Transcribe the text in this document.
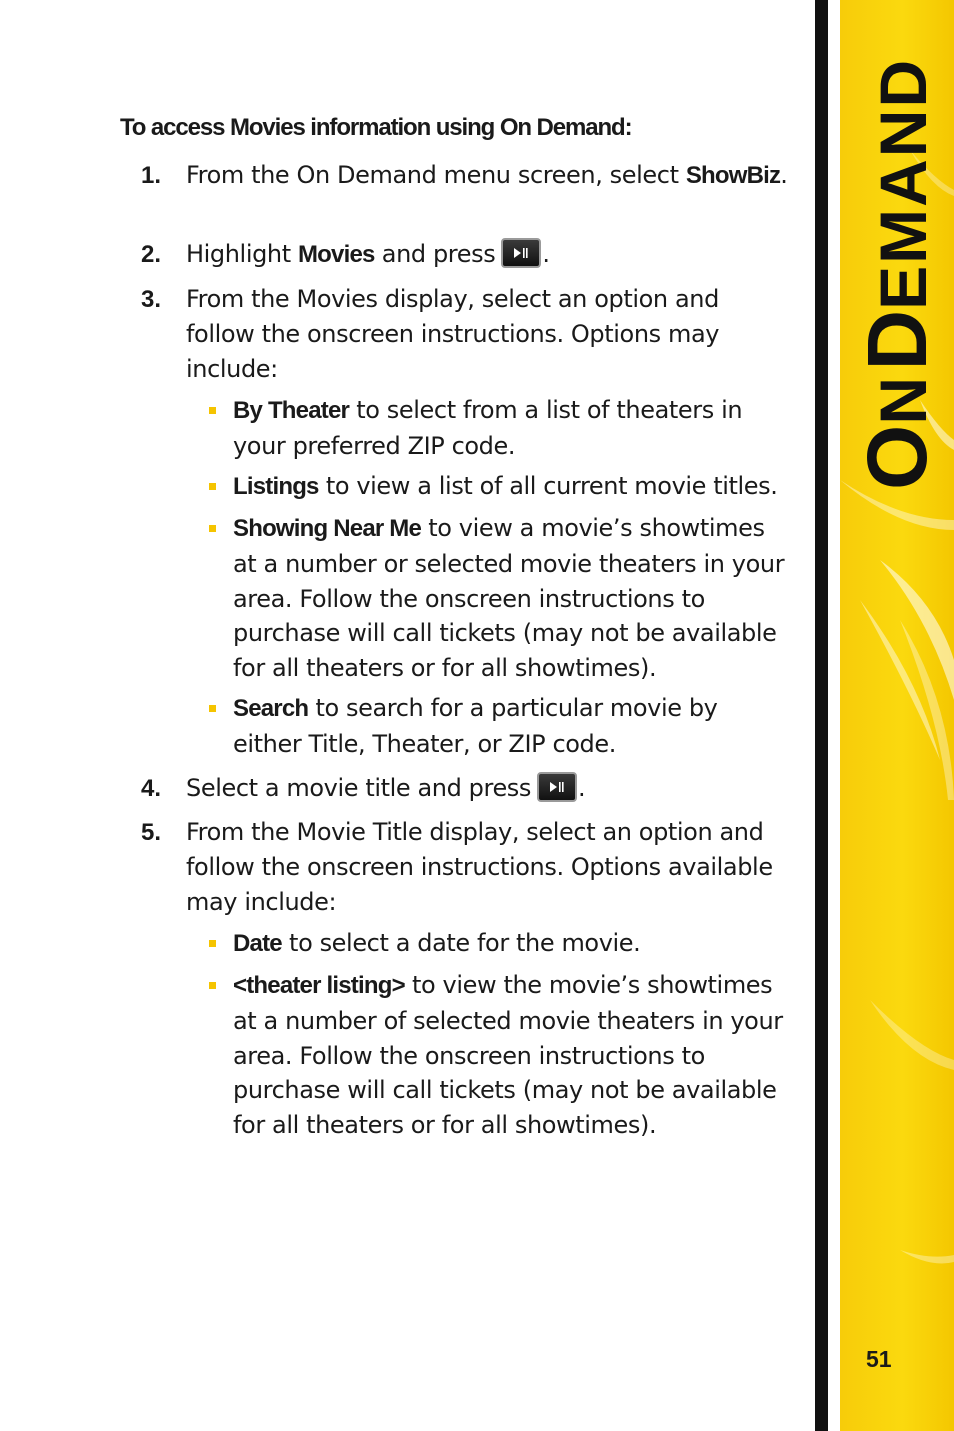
To access Movies information using On Demand:
1. From the On Demand menu screen, select ShowBiz.

2. Highlight Movies and press .

3. From the Movies display, select an option and follow the onscreen instructions. Options may include:

By Theater to select from a list of theaters in your preferred ZIP code.

Listings to view a list of all current movie titles.

Showing Near Me to view a movie’s showtimes at a number or selected movie theaters in your area. Follow the onscreen instructions to purchase will call tickets (may not be available for all theaters or for all showtimes).

Search to search for a particular movie by either Title, Theater, or ZIP code.

4. Select a movie title and press .

5. From the Movie Title display, select an option and follow the onscreen instructions. Options available may include:

Date to select a date for the movie.

<theater listing> to view the movie’s showtimes at a number of selected movie theaters in your area. Follow the onscreen instructions to purchase will call tickets (may not be available for all theaters or for all showtimes).

ON DEMAND
51
